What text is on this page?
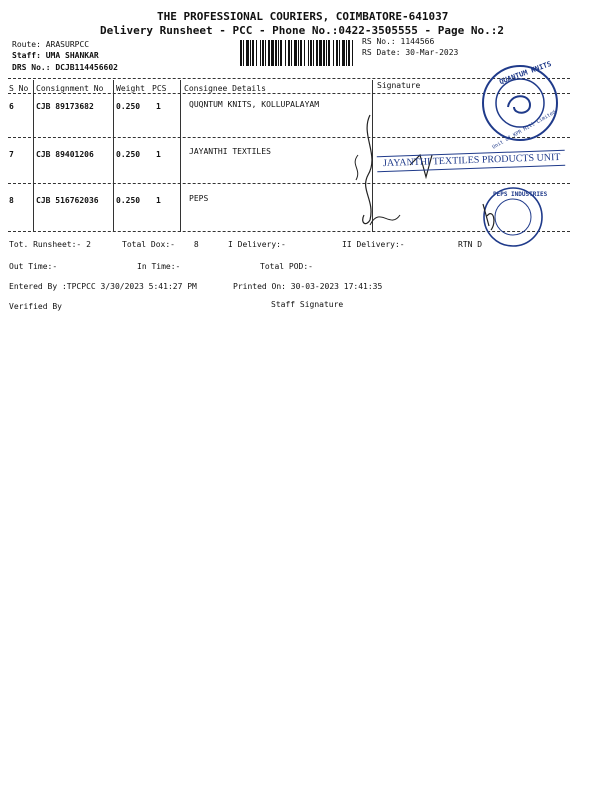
THE PROFESSIONAL COURIERS, COIMBATORE-641037
Delivery Runsheet - PCC - Phone No.:0422-3505555 - Page No.:2
Route: ARASURPCC
Staff: UMA SHANKAR
DRS No.: DCJB114456602
RS No.: 1144566
RS Date: 30-Mar-2023
S No Consignment No Weight PCS Consignee Details	Signature
6	CJB 89173682	0.250 1	QUQNTUM KNITS, KOLLUPALAYAM
7	CJB 89401206	0.250 1	JAYANTHI TEXTILES
8	CJB 516762036 0.250 1	PEPS
QUANTUM KNITS
Unit of KPR Mill Limited
JAYANTHI TEXTILES PRODUCTS UNIT
PEPS INDUSTRIES
Tot. Runsheet:- 2	Total Dox:- 8	I Delivery:-	II Delivery:-	RTN D
Out Time:-	In Time:-	Total POD:-
Entered By :TPCPCC 3/30/2023 5:41:27 PM	Printed On: 30-03-2023 17:41:35
Verified By	Staff Signature
